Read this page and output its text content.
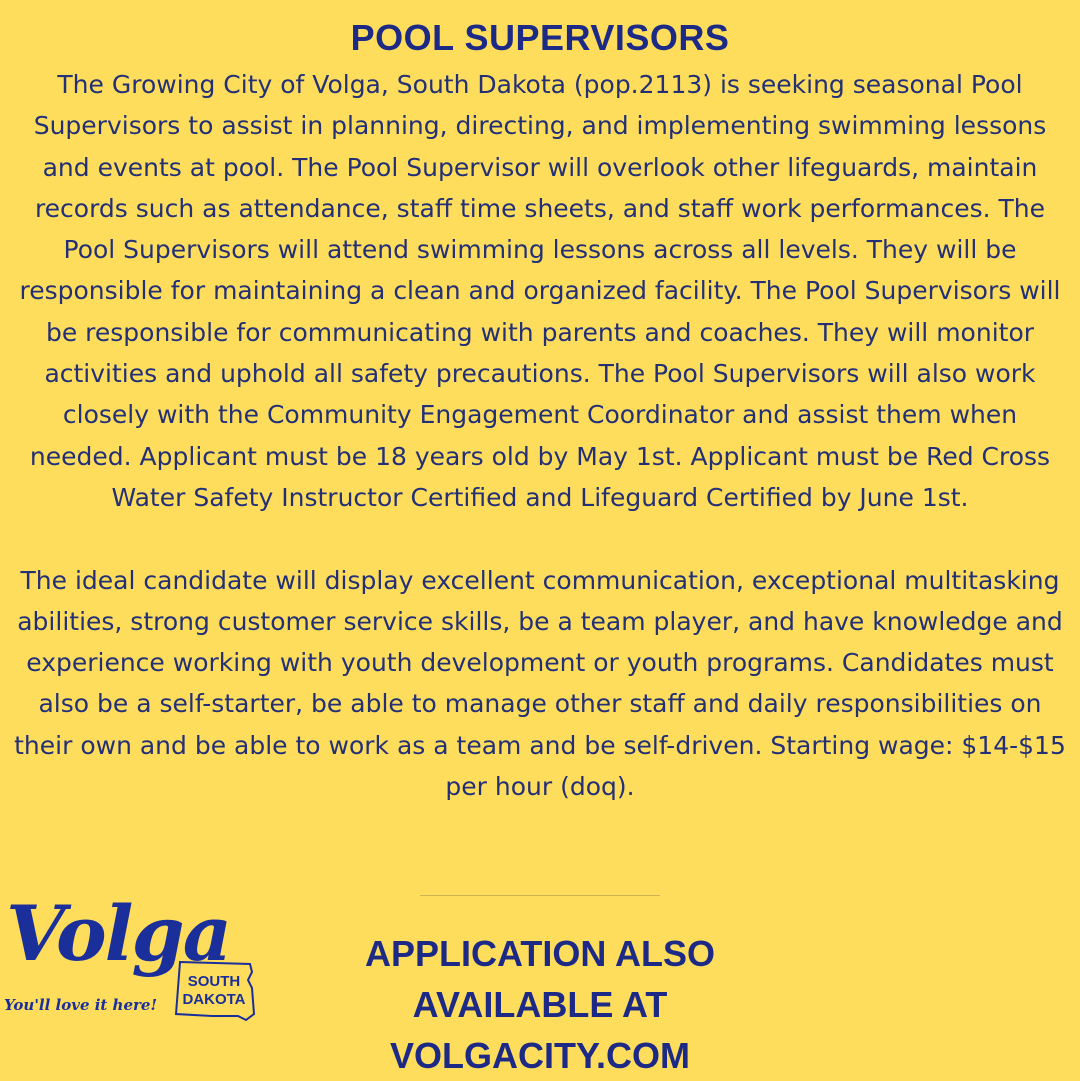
POOL SUPERVISORS

The Growing City of Volga, South Dakota (pop.2113) is seeking seasonal Pool Supervisors to assist in planning, directing, and implementing swimming lessons and events at pool. The Pool Supervisor will overlook other lifeguards, maintain records such as attendance, staff time sheets, and staff work performances. The Pool Supervisors will attend swimming lessons across all levels. They will be responsible for maintaining a clean and organized facility. The Pool Supervisors will be responsible for communicating with parents and coaches. They will monitor activities and uphold all safety precautions. The Pool Supervisors will also work closely with the Community Engagement Coordinator and assist them when needed. Applicant must be 18 years old by May 1st. Applicant must be Red Cross Water Safety Instructor Certified and Lifeguard Certified by June 1st.

The ideal candidate will display excellent communication, exceptional multitasking abilities, strong customer service skills, be a team player, and have knowledge and experience working with youth development or youth programs. Candidates must also be a self-starter, be able to manage other staff and daily responsibilities on their own and be able to work as a team and be self-driven. Starting wage: $14-$15 per hour (doq).

Volga
SOUTH
DAKOTA
You'll love it here!
APPLICATION ALSO
AVAILABLE AT
VOLGACITY.COM
